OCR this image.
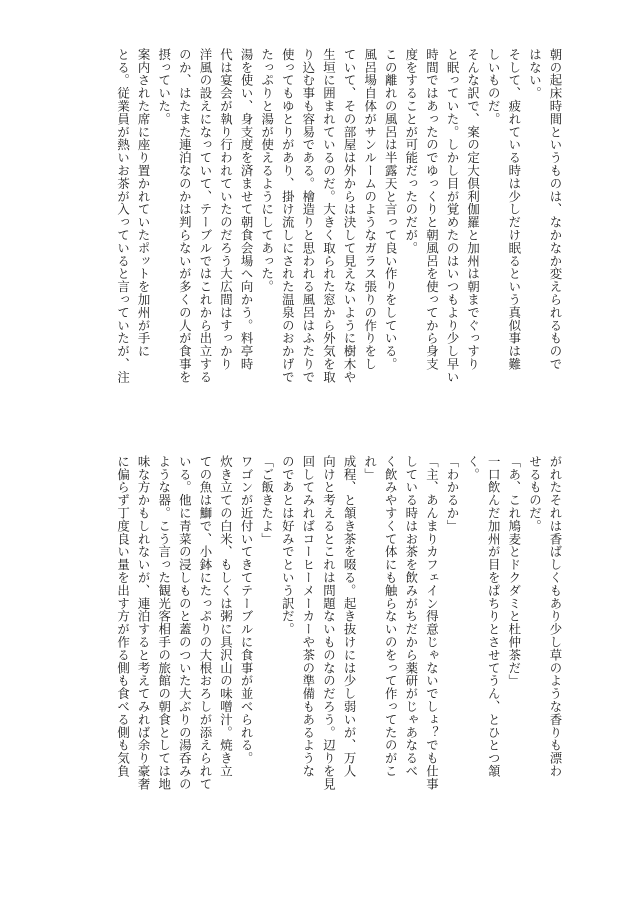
朝の起床時間というものは、なかなか変えられるもので

はない。

そして、疲れている時は少しだけ眠るという真似事は難

しいものだ。

そんな訳で、案の定大倶利伽羅と加州は朝までぐっすり

と眠っていた。しかし目が覚めたのはいつもより少し早い

時間ではあったのでゆっくりと朝風呂を使ってから身支

度をすることが可能だったのだが。

この離れの風呂は半露天と言って良い作りをしている。

風呂場自体がサンルームのようなガラス張りの作りをし

ていて、その部屋は外からは決して見えないように樹木や

生垣に囲まれているのだ。大きく取られた窓から外気を取

り込む事も容易である。檜造りと思われる風呂はふたりで

使ってもゆとりがあり、掛け流しにされた温泉のおかげで

たっぷりと湯が使えるようにしてあった。

湯を使い、身支度を済ませて朝食会場へ向かう。料亭時

代は宴会が執り行われていたのだろう大広間はすっかり

洋風の設えになっていて、テーブルではこれから出立する

のか、はたまた連泊なのかは判らないが多くの人が食事を

摂っていた。

案内された席に座り置かれていたポットを加州が手に

とる。従業員が熱いお茶が入っていると言っていたが、注

がれたそれは香ばしくもあり少し草のような香りも漂わ

せるものだ。

「あ、これ鳩麦とドクダミと杜仲茶だ」

一口飲んだ加州が目をぱちりとさせてうん、とひとつ頷

く。

「わかるか」

「主、あんまりカフェイン得意じゃないでしょ？でも仕事

している時はお茶を飲みがちだから薬研がじゃあなるべ

く飲みやすくて体にも触らないのをって作ってたのがこ

れ」

成程、と頷き茶を啜る。起き抜けには少し弱いが、万人

向けと考えるとこれは問題ないものなのだろう。辺りを見

回してみればコーヒーメーカーや茶の準備もあるような

のであとは好みでという訳だ。

「ご飯きたよ」

ワゴンが近付いてきてテーブルに食事が並べられる。

炊き立ての白米、もしくは粥に具沢山の味噌汁。焼き立

ての魚は鰤で、小鉢にたっぷりの大根おろしが添えられて

いる。他に青菜の浸しものと蓋のついた大ぶりの湯呑みの

ような器。こう言った観光客相手の旅館の朝食としては地

味な方かもしれないが、連泊すると考えてみれば余り豪奢

に偏らず丁度良い量を出す方が作る側も食べる側も気負
